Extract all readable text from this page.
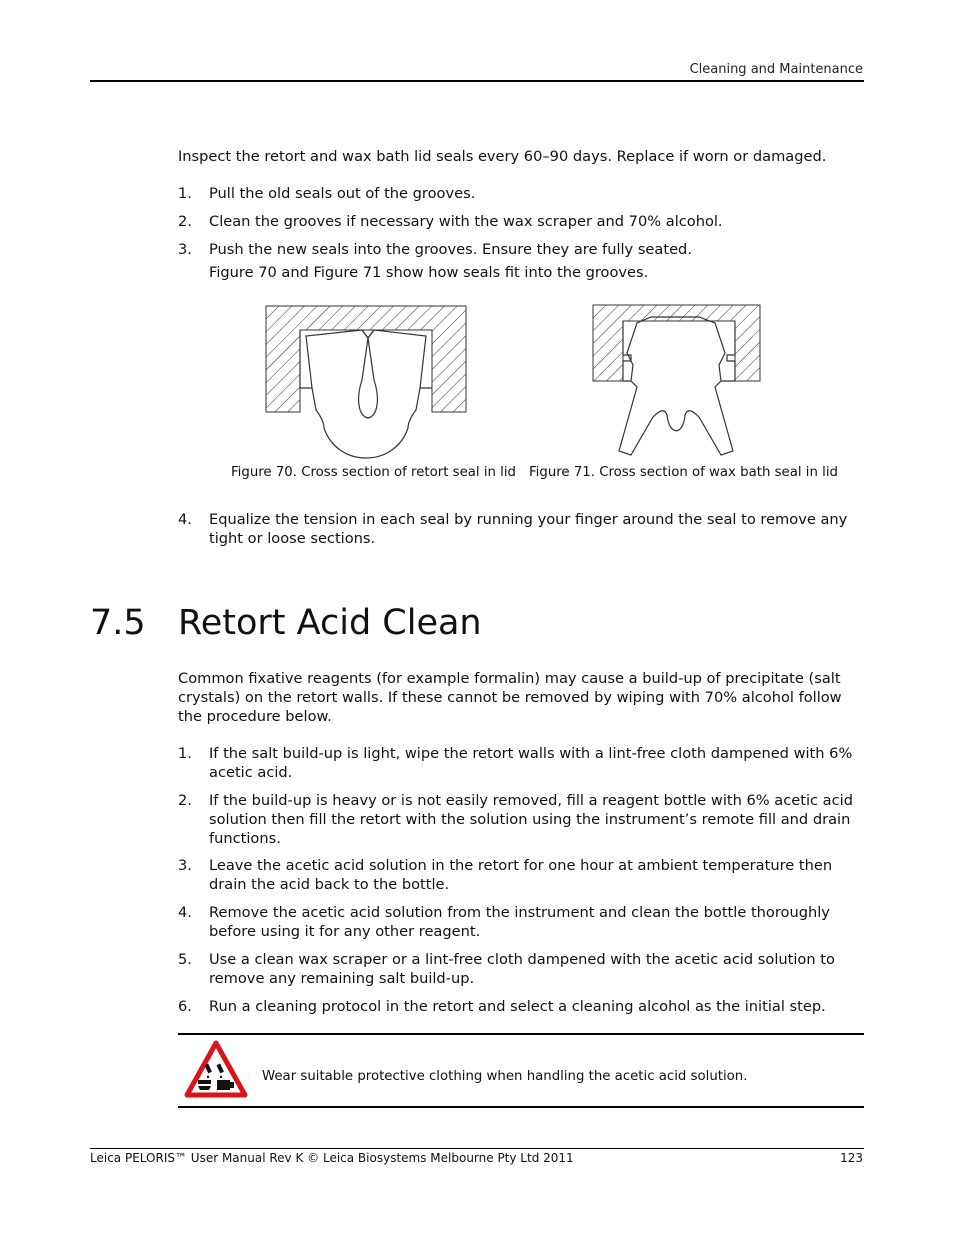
Cleaning and Maintenance
Inspect the retort and wax bath lid seals every 60–90 days. Replace if worn or damaged.
1.	Pull the old seals out of the grooves.
2.	Clean the grooves if necessary with the wax scraper and 70% alcohol.
3.	Push the new seals into the grooves. Ensure they are fully seated.
Figure 70 and Figure 71 show how seals fit into the grooves.
Figure 70. Cross section of retort seal in lid Figure 71. Cross section of wax bath seal in lid
4.	Equalize the tension in each seal by running your finger around the seal to remove any tight or loose sections.
7.5 Retort Acid Clean
Common fixative reagents (for example formalin) may cause a build-up of precipitate (salt crystals) on the retort walls. If these cannot be removed by wiping with 70% alcohol follow the procedure below.
1.	If the salt build-up is light, wipe the retort walls with a lint-free cloth dampened with 6% acetic acid.
2.	If the build-up is heavy or is not easily removed, fill a reagent bottle with 6% acetic acid solution then fill the retort with the solution using the instrument’s remote fill and drain functions.
3.	Leave the acetic acid solution in the retort for one hour at ambient temperature then drain the acid back to the bottle.
4.	Remove the acetic acid solution from the instrument and clean the bottle thoroughly before using it for any other reagent.
5.	Use a clean wax scraper or a lint-free cloth dampened with the acetic acid solution to remove any remaining salt build-up.
6.	Run a cleaning protocol in the retort and select a cleaning alcohol as the initial step.
Wear suitable protective clothing when handling the acetic acid solution.
Leica PELORIS™ User Manual Rev K © Leica Biosystems Melbourne Pty Ltd 2011	123
